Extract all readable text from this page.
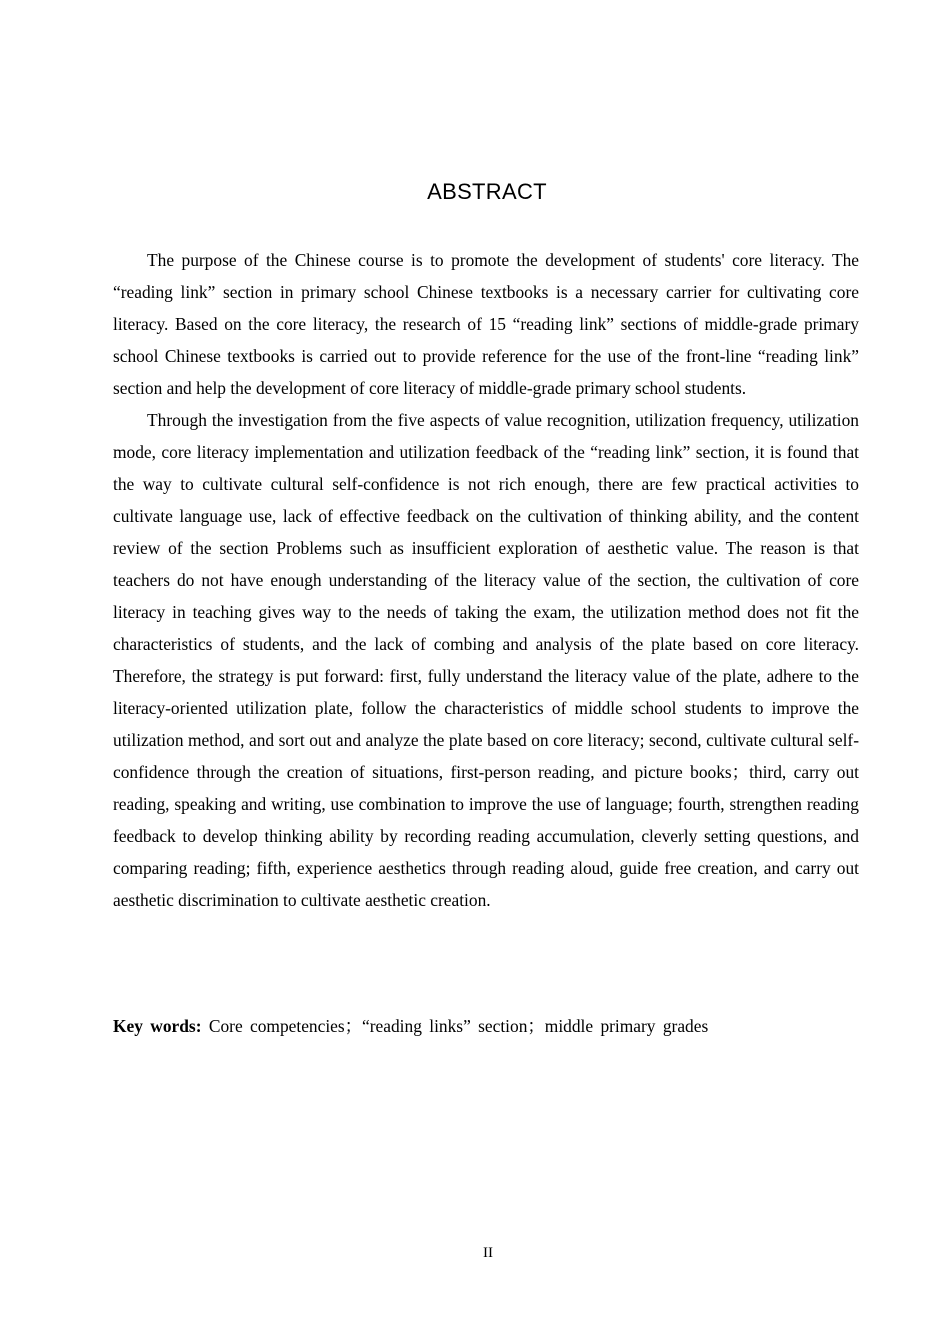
ABSTRACT

The purpose of the Chinese course is to promote the development of students' core literacy. The “reading link” section in primary school Chinese textbooks is a necessary carrier for cultivating core literacy. Based on the core literacy, the research of 15 “reading link” sections of middle-grade primary school Chinese textbooks is carried out to provide reference for the use of the front-line “reading link” section and help the development of core literacy of middle-grade primary school students.

Through the investigation from the five aspects of value recognition, utilization frequency, utilization mode, core literacy implementation and utilization feedback of the “reading link” section, it is found that the way to cultivate cultural self-confidence is not rich enough, there are few practical activities to cultivate language use, lack of effective feedback on the cultivation of thinking ability, and the content review of the section Problems such as insufficient exploration of aesthetic value. The reason is that teachers do not have enough understanding of the literacy value of the section, the cultivation of core literacy in teaching gives way to the needs of taking the exam, the utilization method does not fit the characteristics of students, and the lack of combing and analysis of the plate based on core literacy. Therefore, the strategy is put forward: first, fully understand the literacy value of the plate, adhere to the literacy-oriented utilization plate, follow the characteristics of middle school students to improve the utilization method, and sort out and analyze the plate based on core literacy; second, cultivate cultural self-confidence through the creation of situations, first-person reading, and picture books；third, carry out reading, speaking and writing, use combination to improve the use of language; fourth, strengthen reading feedback to develop thinking ability by recording reading accumulation, cleverly setting questions, and comparing reading; fifth, experience aesthetics through reading aloud, guide free creation, and carry out aesthetic discrimination to cultivate aesthetic creation.

Key words: Core competencies；“reading links” section；middle primary grades
II
